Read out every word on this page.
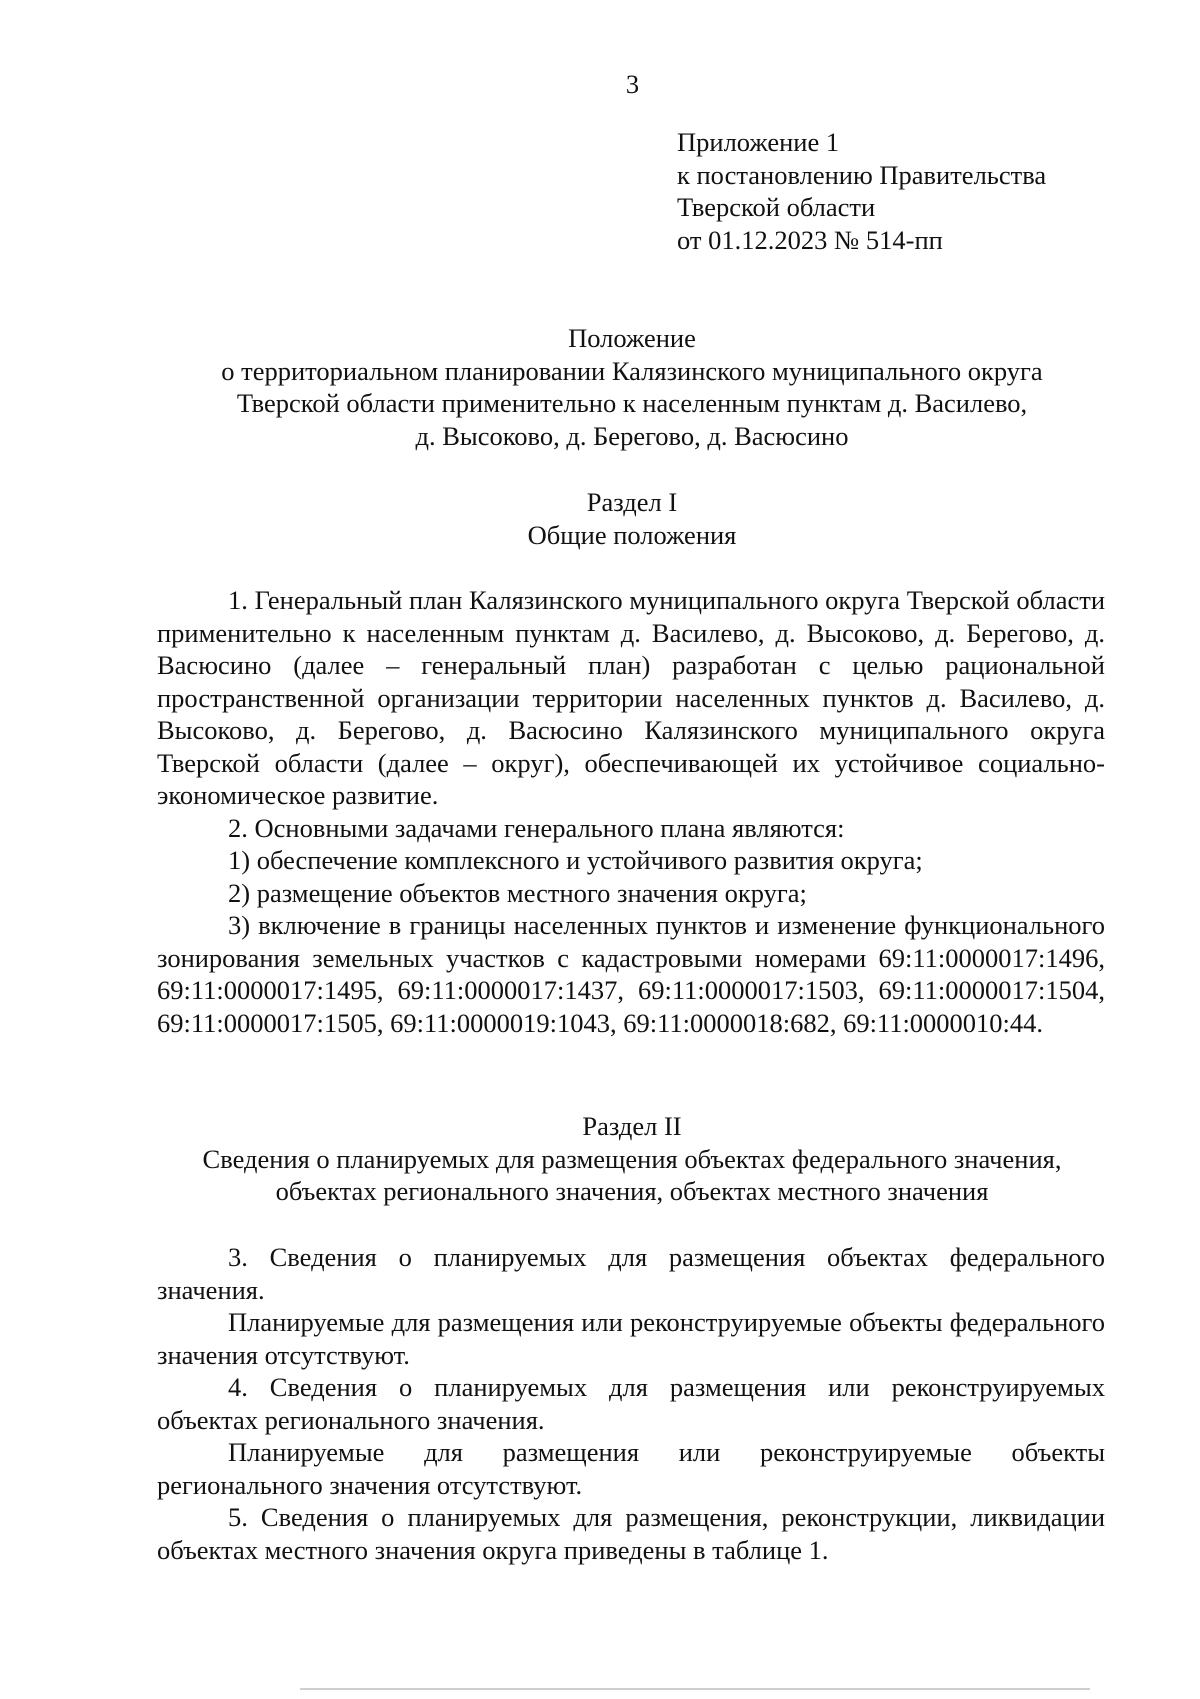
3
Приложение 1
к постановлению Правительства
Тверской области
от 01.12.2023 № 514-пп
Положение
о территориальном планировании Калязинского муниципального округа
Тверской области применительно к населенным пунктам д. Василево,
д. Высоково, д. Берегово, д. Васюсино
Раздел I
Общие положения

1. Генеральный план Калязинского муниципального округа Тверской области применительно к населенным пунктам д. Василево, д. Высоково, д. Берегово, д. Васюсино (далее – генеральный план) разработан с целью рациональной пространственной организации территории населенных пунктов д. Василево, д. Высоково, д. Берегово, д. Васюсино Калязинского муниципального округа Тверской области (далее – округ), обеспечивающей их устойчивое социально-экономическое развитие.

2. Основными задачами генерального плана являются:

1) обеспечение комплексного и устойчивого развития округа;

2) размещение объектов местного значения округа;

3) включение в границы населенных пунктов и изменение функционального зонирования земельных участков с кадастровыми номерами 69:11:0000017:1496, 69:11:0000017:1495, 69:11:0000017:1437, 69:11:0000017:1503, 69:11:0000017:1504, 69:11:0000017:1505, 69:11:0000019:1043, 69:11:0000018:682, 69:11:0000010:44.

Раздел II
Сведения о планируемых для размещения объектах федерального значения,
объектах регионального значения, объектах местного значения

3. Сведения о планируемых для размещения объектах федерального значения.

Планируемые для размещения или реконструируемые объекты федерального значения отсутствуют.

4. Сведения о планируемых для размещения или реконструируемых объектах регионального значения.

Планируемые для размещения или реконструируемые объекты регионального значения отсутствуют.

5. Сведения о планируемых для размещения, реконструкции, ликвидации объектах местного значения округа приведены в таблице 1.
